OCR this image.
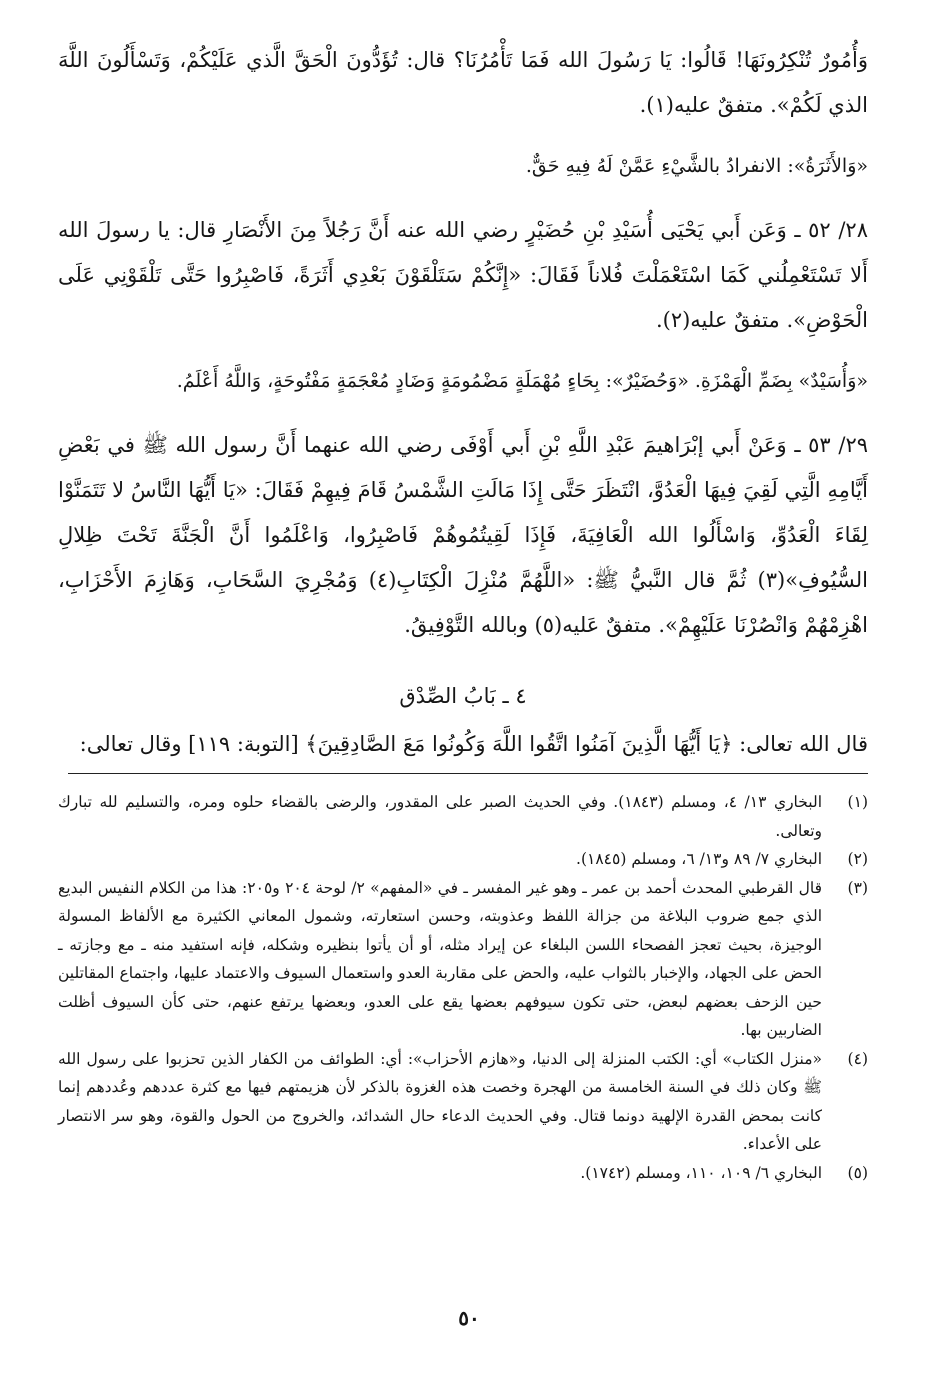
وَأُمُورٌ تُنْكِرُونَهَا! قَالُوا: يَا رَسُولَ الله فَمَا تَأْمُرُنَا؟ قال: تُؤَدُّونَ الْحَقَّ الَّذي عَلَيْكُمْ، وَتَسْأَلُونَ اللَّهَ الذي لَكُمْ». متفقٌ عليه(١).

«وَالأَثَرَةُ»: الانفرادُ بالشَّيْءِ عَمَّنْ لَهُ فِيهِ حَقٌّ.

٢٨/ ٥٢ ـ وَعَن أَبي يَحْيَى أُسَيْدِ بْنِ حُضَيْرٍ رضي الله عنه أَنَّ رَجُلاً مِنَ الأَنْصَارِ قال: يا رسولَ الله أَلا تَسْتَعْمِلُني كَمَا اسْتَعْمَلْتَ فُلاناً فَقَالَ: «إِنَّكُمْ سَتَلْقَوْنَ بَعْدِي أَثَرَةً، فَاصْبِرُوا حَتَّى تَلْقَوْنِي عَلَى الْحَوْضِ». متفقٌ عليه(٢).

«وَأُسَيْدٌ» بِضَمِّ الْهَمْزَةِ. «وَحُضَيْرٌ»: بِحَاءٍ مُهْمَلَةٍ مَضْمُومَةٍ وَضَادٍ مُعْجَمَةٍ مَفْتُوحَةٍ، وَاللَّهُ أَعْلَمُ.

٢٩/ ٥٣ ـ وَعَنْ أَبي إبْرَاهيمَ عَبْدِ اللَّهِ بْنِ أَبي أَوْفَى رضي الله عنهما أَنَّ رسول الله ﷺ في بَعْضِ أَيَّامِهِ الَّتِي لَقِيَ فِيهَا الْعَدُوَّ، انْتَظَرَ حَتَّى إِذَا مَالَتِ الشَّمْسُ قَامَ فِيهِمْ فَقَالَ: «يَا أَيُّهَا النَّاسُ لا تَتَمَنَّوْا لِقَاءَ الْعَدُوِّ، وَاسْأَلُوا الله الْعَافِيَةَ، فَإِذَا لَقِيتُمُوهُمْ فَاصْبِرُوا، وَاعْلَمُوا أَنَّ الْجَنَّةَ تَحْتَ ظِلالِ السُّيُوفِ»(٣) ثُمَّ قال النَّبيُّ ﷺ: «اللَّهُمَّ مُنْزِلَ الْكِتَابِ(٤) وَمُجْرِيَ السَّحَابِ، وَهَازِمَ الأَحْزَابِ، اهْزِمْهُمْ وَانْصُرْنَا عَلَيْهِمْ». متفقٌ عَليه(٥) وبالله التَّوْفِيقُ.

٤ ـ بَابُ الصِّدْق

قال الله تعالى: ﴿يَا أَيُّهَا الَّذِينَ آمَنُوا اتَّقُوا اللَّهَ وَكُونُوا مَعَ الصَّادِقِينَ﴾ [التوبة: ١١٩] وقال تعالى:

(١)
البخاري ١٣/ ٤، ومسلم (١٨٤٣). وفي الحديث الصبر على المقدور، والرضى بالقضاء حلوه ومره، والتسليم لله تبارك وتعالى.
(٢)
البخاري ٧/ ٨٩ و١٣/ ٦، ومسلم (١٨٤٥).
(٣)
قال القرطبي المحدث أحمد بن عمر ـ وهو غير المفسر ـ في «المفهم» ٢/ لوحة ٢٠٤ و٢٠٥: هذا من الكلام النفيس البديع الذي جمع ضروب البلاغة من جزالة اللفظ وعذوبته، وحسن استعارته، وشمول المعاني الكثيرة مع الألفاظ المسولة الوجيزة، بحيث تعجز الفصحاء اللسن البلغاء عن إيراد مثله، أو أن يأتوا بنظيره وشكله، فإنه استفيد منه ـ مع وجازته ـ الحض على الجهاد، والإخبار بالثواب عليه، والحض على مقاربة العدو واستعمال السيوف والاعتماد عليها، واجتماع المقاتلين حين الزحف بعضهم لبعض، حتى تكون سيوفهم بعضها يقع على العدو، وبعضها يرتفع عنهم، حتى كأن السيوف أظلت الضاربين بها.
(٤)
«منزل الكتاب» أي: الكتب المنزلة إلى الدنيا، و«هازم الأحزاب»: أي: الطوائف من الكفار الذين تحزبوا على رسول الله ﷺ وكان ذلك في السنة الخامسة من الهجرة وخصت هذه الغزوة بالذكر لأن هزيمتهم فيها مع كثرة عددهم وعُددهم إنما كانت بمحض القدرة الإلهية دونما قتال. وفي الحديث الدعاء حال الشدائد، والخروج من الحول والقوة، وهو سر الانتصار على الأعداء.
(٥)
البخاري ٦/ ١٠٩، ١١٠، ومسلم (١٧٤٢).
٥٠
